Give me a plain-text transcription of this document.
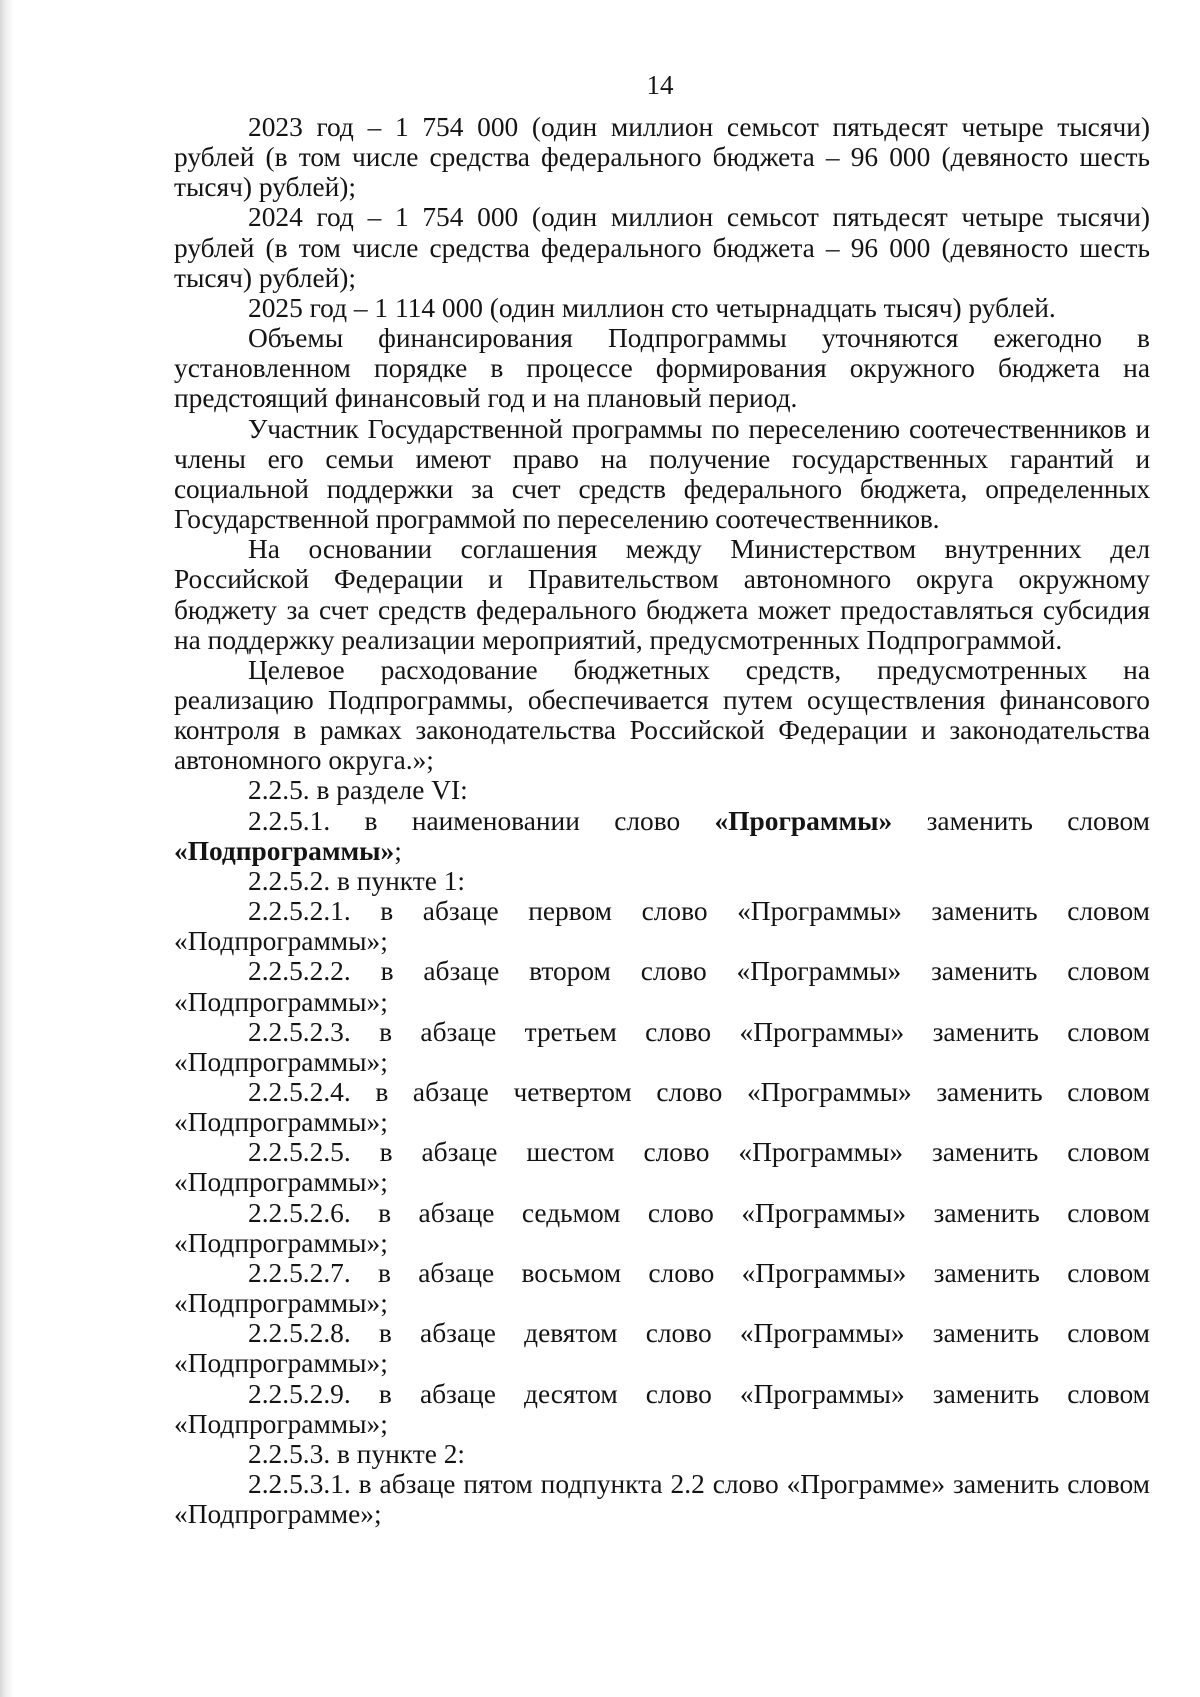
14

2023 год – 1 754 000 (один миллион семьсот пятьдесят четыре тысячи) рублей (в том числе средства федерального бюджета – 96 000 (девяносто шесть тысяч) рублей);

2024 год – 1 754 000 (один миллион семьсот пятьдесят четыре тысячи) рублей (в том числе средства федерального бюджета – 96 000 (девяносто шесть тысяч) рублей);

2025 год – 1 114 000 (один миллион сто четырнадцать тысяч) рублей.

Объемы финансирования Подпрограммы уточняются ежегодно в установленном порядке в процессе формирования окружного бюджета на предстоящий финансовый год и на плановый период.

Участник Государственной программы по переселению соотечественников и члены его семьи имеют право на получение государственных гарантий и социальной поддержки за счет средств федерального бюджета, определенных Государственной программой по переселению соотечественников.

На основании соглашения между Министерством внутренних дел Российской Федерации и Правительством автономного округа окружному бюджету за счет средств федерального бюджета может предоставляться субсидия на поддержку реализации мероприятий, предусмотренных Подпрограммой.

Целевое расходование бюджетных средств, предусмотренных на реализацию Подпрограммы, обеспечивается путем осуществления финансового контроля в рамках законодательства Российской Федерации и законодательства автономного округа.»;

2.2.5. в разделе VI:

2.2.5.1. в наименовании слово «Программы» заменить словом «Подпрограммы»;

2.2.5.2. в пункте 1:

2.2.5.2.1. в абзаце первом слово «Программы» заменить словом «Подпрограммы»;

2.2.5.2.2. в абзаце втором слово «Программы» заменить словом «Подпрограммы»;

2.2.5.2.3. в абзаце третьем слово «Программы» заменить словом «Подпрограммы»;

2.2.5.2.4. в абзаце четвертом слово «Программы» заменить словом «Подпрограммы»;

2.2.5.2.5. в абзаце шестом слово «Программы» заменить словом «Подпрограммы»;

2.2.5.2.6. в абзаце седьмом слово «Программы» заменить словом «Подпрограммы»;

2.2.5.2.7. в абзаце восьмом слово «Программы» заменить словом «Подпрограммы»;

2.2.5.2.8. в абзаце девятом слово «Программы» заменить словом «Подпрограммы»;

2.2.5.2.9. в абзаце десятом слово «Программы» заменить словом «Подпрограммы»;

2.2.5.3. в пункте 2:

2.2.5.3.1. в абзаце пятом подпункта 2.2 слово «Программе» заменить словом «Подпрограмме»;
